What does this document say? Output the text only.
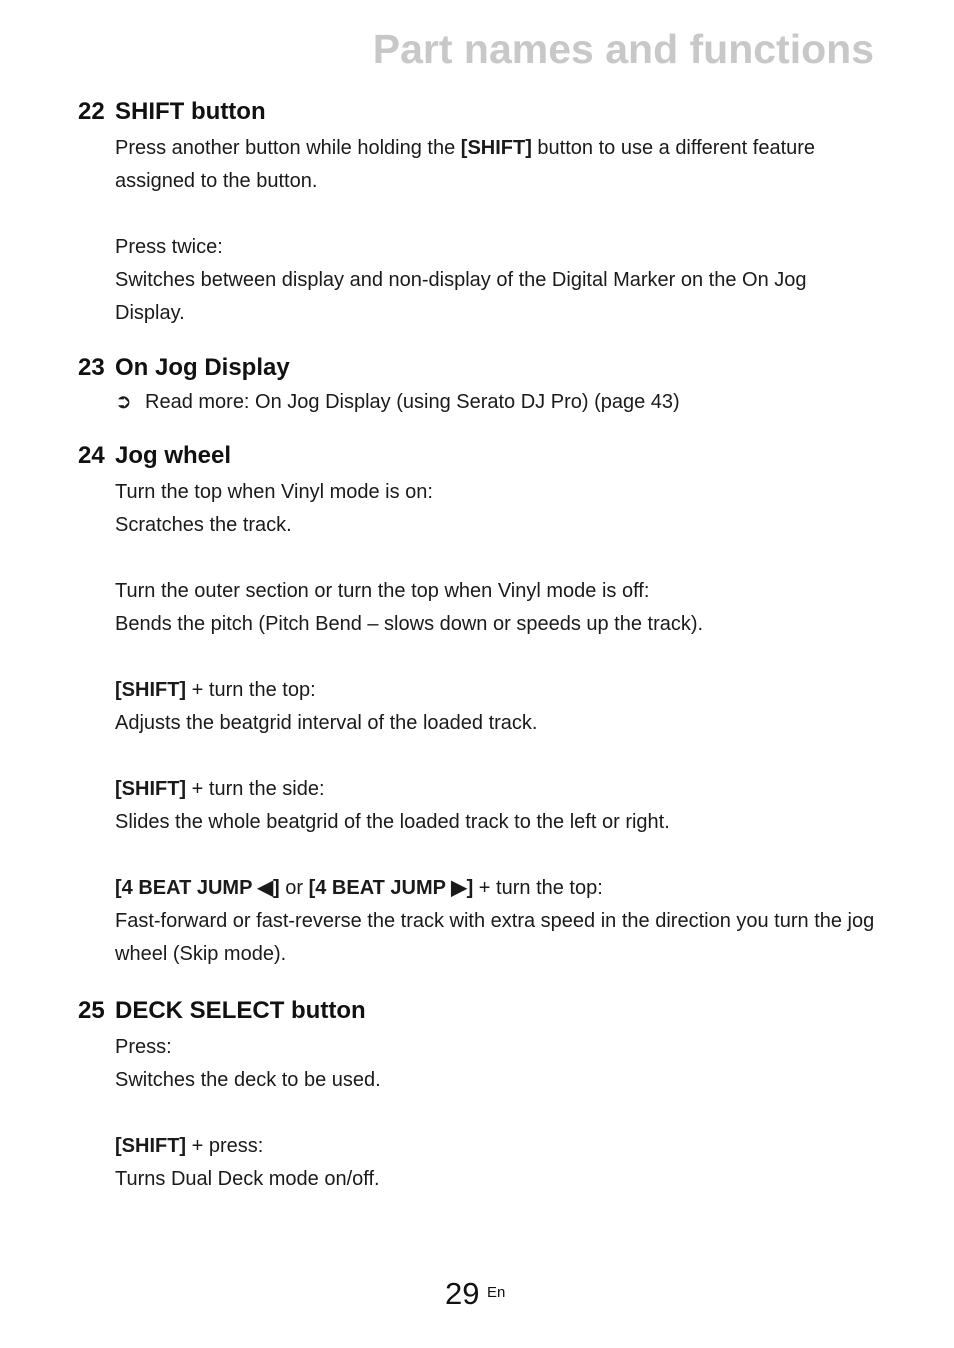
Part names and functions
22 SHIFT button

Press another button while holding the [SHIFT] button to use a different feature assigned to the button.

Press twice:

Switches between display and non-display of the Digital Marker on the On Jog Display.

23 On Jog Display

➲ Read more: On Jog Display (using Serato DJ Pro) (page 43)

24 Jog wheel

Turn the top when Vinyl mode is on:

Scratches the track.

Turn the outer section or turn the top when Vinyl mode is off:

Bends the pitch (Pitch Bend – slows down or speeds up the track).

[SHIFT] + turn the top:

Adjusts the beatgrid interval of the loaded track.

[SHIFT] + turn the side:

Slides the whole beatgrid of the loaded track to the left or right.

[4 BEAT JUMP ◀] or [4 BEAT JUMP ▶] + turn the top:

Fast-forward or fast-reverse the track with extra speed in the direction you turn the jog wheel (Skip mode).

25 DECK SELECT button

Press:

Switches the deck to be used.

[SHIFT] + press:

Turns Dual Deck mode on/off.

29 En
